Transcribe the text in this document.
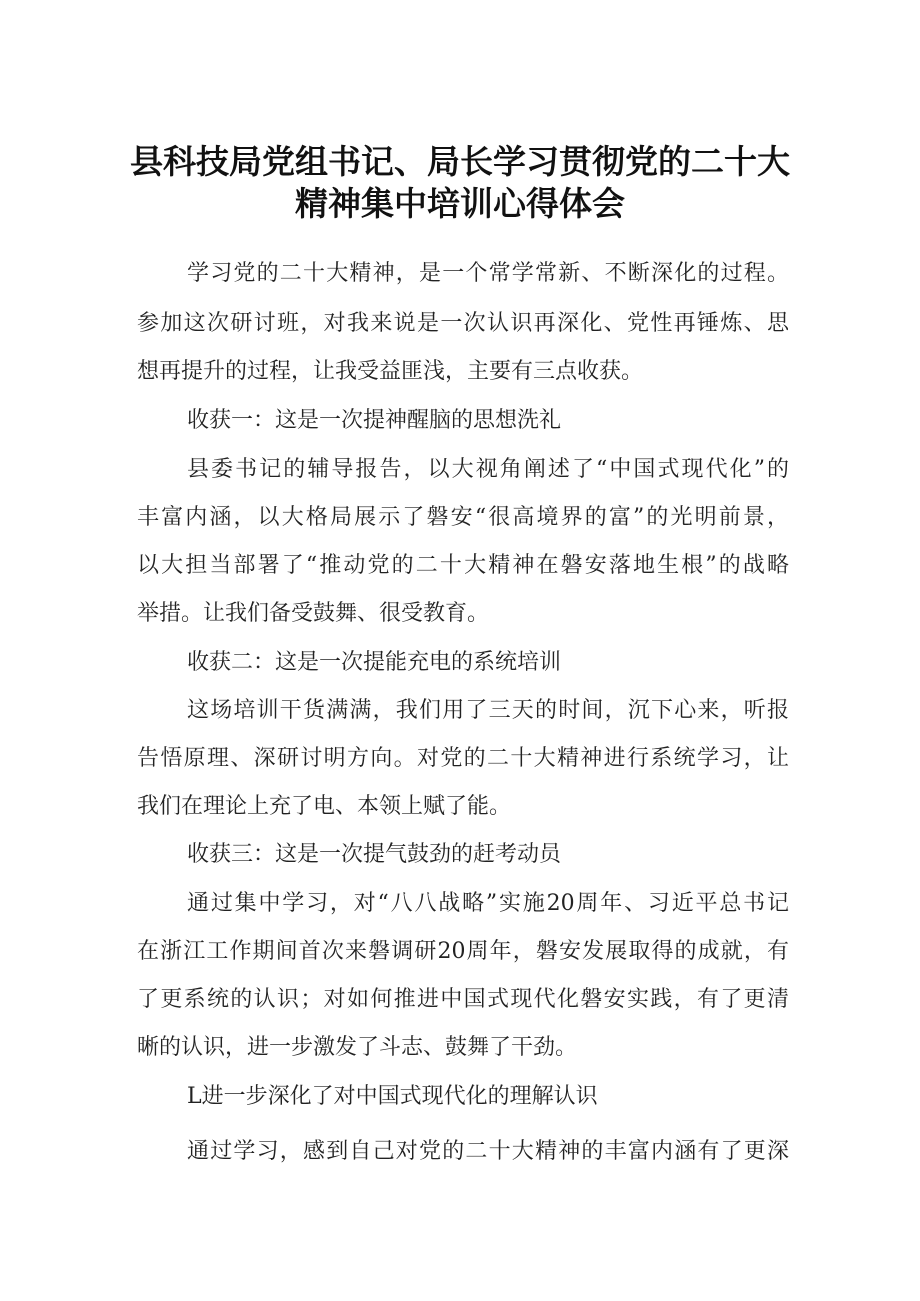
县科技局党组书记、局长学习贯彻党的二十大
精神集中培训心得体会
学习党的二十大精神，是一个常学常新、不断深化的过程。
参加这次研讨班，对我来说是一次认识再深化、党性再锤炼、思
想再提升的过程，让我受益匪浅，主要有三点收获。
收获一：这是一次提神醒脑的思想洗礼
县委书记的辅导报告，以大视角阐述了“中国式现代化”的
丰富内涵，以大格局展示了磐安“很高境界的富”的光明前景，
以大担当部署了“推动党的二十大精神在磐安落地生根”的战略
举措。让我们备受鼓舞、很受教育。
收获二：这是一次提能充电的系统培训
这场培训干货满满，我们用了三天的时间，沉下心来，听报
告悟原理、深研讨明方向。对党的二十大精神进行系统学习，让
我们在理论上充了电、本领上赋了能。
收获三：这是一次提气鼓劲的赶考动员
通过集中学习，对“八八战略”实施20周年、习近平总书记
在浙江工作期间首次来磐调研20周年，磐安发展取得的成就，有
了更系统的认识；对如何推进中国式现代化磐安实践，有了更清
晰的认识，进一步激发了斗志、鼓舞了干劲。
L进一步深化了对中国式现代化的理解认识
通过学习，感到自己对党的二十大精神的丰富内涵有了更深
